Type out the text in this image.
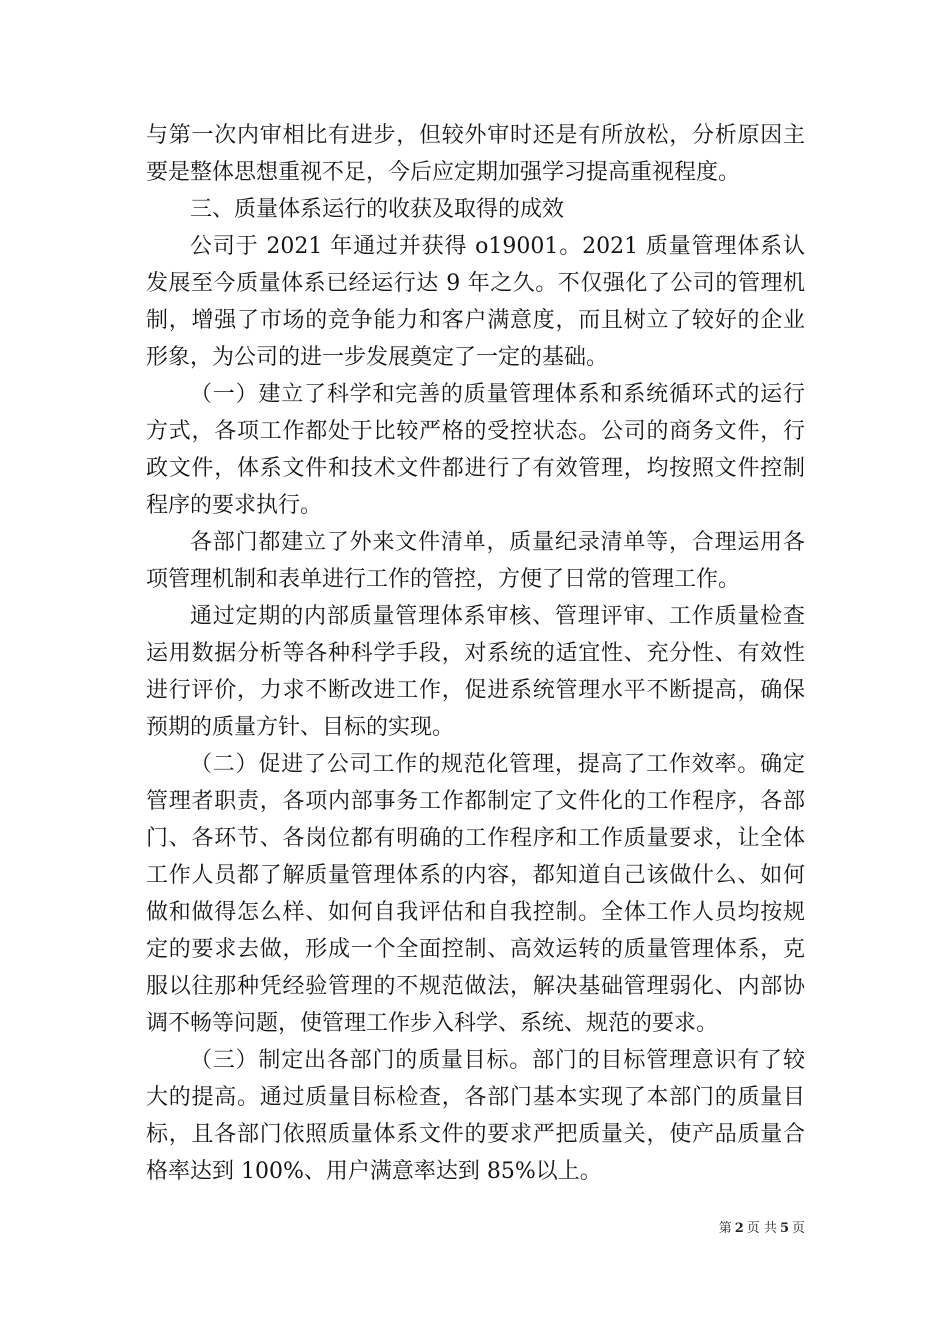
与第一次内审相比有进步，但较外审时还是有所放松，分析原因主
要是整体思想重视不足，今后应定期加强学习提高重视程度。
三、质量体系运行的收获及取得的成效
公司于 2021 年通过并获得 o19001。2021 质量管理体系认
发展至今质量体系已经运行达 9 年之久。不仅强化了公司的管理机
制，增强了市场的竞争能力和客户满意度，而且树立了较好的企业
形象，为公司的进一步发展奠定了一定的基础。
（一）建立了科学和完善的质量管理体系和系统循环式的运行
方式，各项工作都处于比较严格的受控状态。公司的商务文件，行
政文件，体系文件和技术文件都进行了有效管理，均按照文件控制
程序的要求执行。
各部门都建立了外来文件清单，质量纪录清单等，合理运用各
项管理机制和表单进行工作的管控，方便了日常的管理工作。
通过定期的内部质量管理体系审核、管理评审、工作质量检查
运用数据分析等各种科学手段，对系统的适宜性、充分性、有效性
进行评价，力求不断改进工作，促进系统管理水平不断提高，确保
预期的质量方针、目标的实现。
（二）促进了公司工作的规范化管理，提高了工作效率。确定
管理者职责，各项内部事务工作都制定了文件化的工作程序，各部
门、各环节、各岗位都有明确的工作程序和工作质量要求，让全体
工作人员都了解质量管理体系的内容，都知道自己该做什么、如何
做和做得怎么样、如何自我评估和自我控制。全体工作人员均按规
定的要求去做，形成一个全面控制、高效运转的质量管理体系，克
服以往那种凭经验管理的不规范做法，解决基础管理弱化、内部协
调不畅等问题，使管理工作步入科学、系统、规范的要求。
（三）制定出各部门的质量目标。部门的目标管理意识有了较
大的提高。通过质量目标检查，各部门基本实现了本部门的质量目
标，且各部门依照质量体系文件的要求严把质量关，使产品质量合
格率达到 100%、用户满意率达到 85%以上。
第 2 页 共 5 页
